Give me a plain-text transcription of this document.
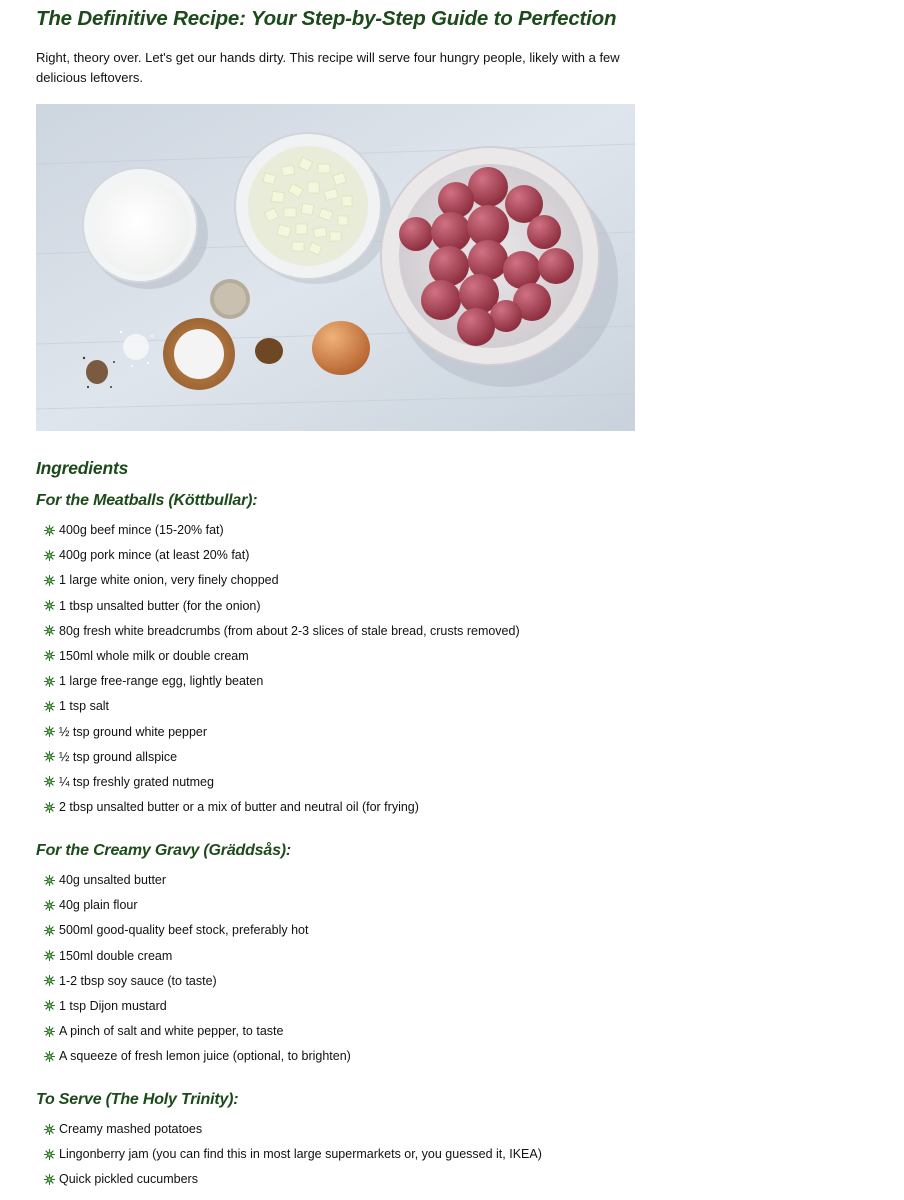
The Definitive Recipe: Your Step-by-Step Guide to Perfection

Right, theory over. Let's get our hands dirty. This recipe will serve four hungry people, likely with a few delicious leftovers.

Ingredients
For the Meatballs (Köttbullar):
400g beef mince (15-20% fat)
400g pork mince (at least 20% fat)
1 large white onion, very finely chopped
1 tbsp unsalted butter (for the onion)
80g fresh white breadcrumbs (from about 2-3 slices of stale bread, crusts removed)
150ml whole milk or double cream
1 large free-range egg, lightly beaten
1 tsp salt
½ tsp ground white pepper
½ tsp ground allspice
¼ tsp freshly grated nutmeg
2 tbsp unsalted butter or a mix of butter and neutral oil (for frying)
For the Creamy Gravy (Gräddsås):
40g unsalted butter
40g plain flour
500ml good-quality beef stock, preferably hot
150ml double cream
1-2 tbsp soy sauce (to taste)
1 tsp Dijon mustard
A pinch of salt and white pepper, to taste
A squeeze of fresh lemon juice (optional, to brighten)
To Serve (The Holy Trinity):
Creamy mashed potatoes
Lingonberry jam (you can find this in most large supermarkets or, you guessed it, IKEA)
Quick pickled cucumbers
